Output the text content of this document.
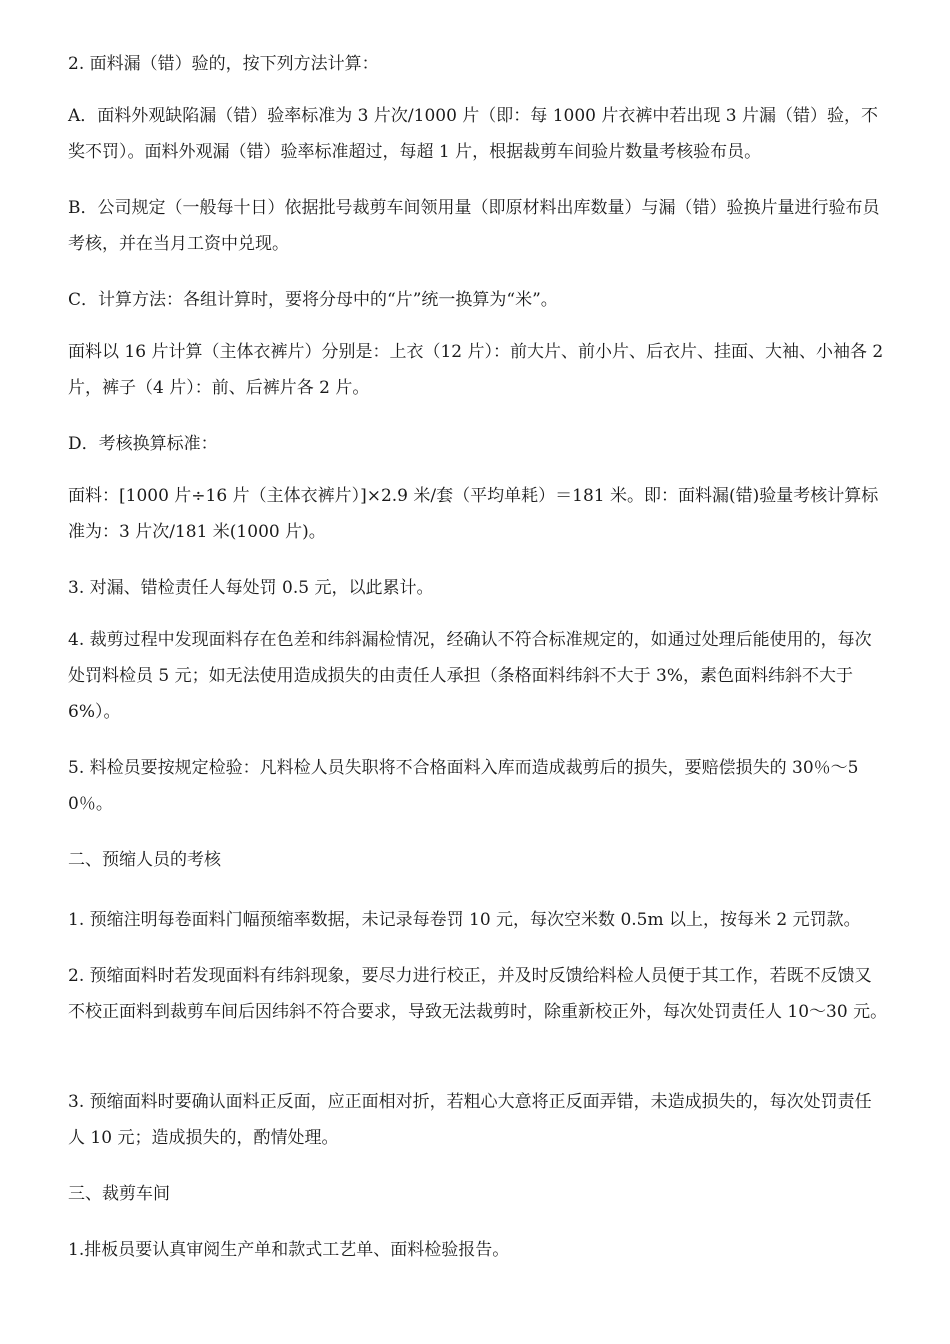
2. 面料漏（错）验的，按下列方法计算：

A．面料外观缺陷漏（错）验率标准为 3 片次/1000 片（即：每 1000 片衣裤中若出现 3 片漏（错）验，不奖不罚）。面料外观漏（错）验率标准超过，每超 1 片，根据裁剪车间验片数量考核验布员。

B．公司规定（一般每十日）依据批号裁剪车间领用量（即原材料出库数量）与漏（错）验换片量进行验布员考核，并在当月工资中兑现。

C．计算方法：各组计算时，要将分母中的“片”统一换算为“米”。

面料以 16 片计算（主体衣裤片）分别是：上衣（12 片）：前大片、前小片、后衣片、挂面、大袖、小袖各 2 片，裤子（4 片）：前、后裤片各 2 片。

D．考核换算标准：

面料：[1000 片÷16 片（主体衣裤片）]×2.9 米/套（平均单耗）＝181 米。即：面料漏(错)验量考核计算标准为：3 片次/181 米(1000 片)。

3. 对漏、错检责任人每处罚 0.5 元，以此累计。

4. 裁剪过程中发现面料存在色差和纬斜漏检情况，经确认不符合标准规定的，如通过处理后能使用的，每次处罚料检员 5 元；如无法使用造成损失的由责任人承担（条格面料纬斜不大于 3%，素色面料纬斜不大于 6%）。

5. 料检员要按规定检验：凡料检人员失职将不合格面料入库而造成裁剪后的损失，要赔偿损失的 30％～50％。

二、预缩人员的考核

1. 预缩注明每卷面料门幅预缩率数据，未记录每卷罚 10 元，每次空米数 0.5m 以上，按每米 2 元罚款。

2. 预缩面料时若发现面料有纬斜现象，要尽力进行校正，并及时反馈给料检人员便于其工作，若既不反馈又不校正面料到裁剪车间后因纬斜不符合要求，导致无法裁剪时，除重新校正外，每次处罚责任人 10～30 元。

3. 预缩面料时要确认面料正反面，应正面相对折，若粗心大意将正反面弄错，未造成损失的，每次处罚责任人 10 元；造成损失的，酌情处理。

三、裁剪车间

1.排板员要认真审阅生产单和款式工艺单、面料检验报告。
